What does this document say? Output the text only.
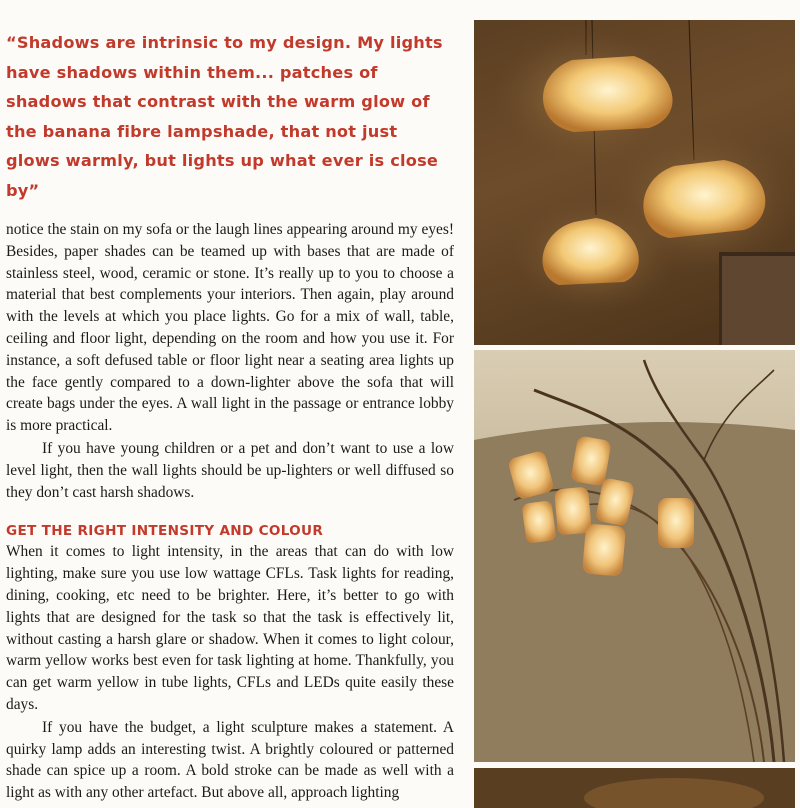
“Shadows are intrinsic to my design. My lights have shadows within them... patches of shadows that contrast with the warm glow of the banana fibre lampshade, that not just glows warmly, but lights up what ever is close by”

notice the stain on my sofa or the laugh lines appearing around my eyes! Besides, paper shades can be teamed up with bases that are made of stainless steel, wood, ceramic or stone. It’s really up to you to choose a material that best complements your interiors. Then again, play around with the levels at which you place lights. Go for a mix of wall, table, ceiling and floor light, depending on the room and how you use it. For instance, a soft defused table or floor light near a seating area lights up the face gently compared to a down-lighter above the sofa that will create bags under the eyes. A wall light in the passage or entrance lobby is more practical.

If you have young children or a pet and don’t want to use a low level light, then the wall lights should be up-lighters or well diffused so they don’t cast harsh shadows.

GET THE RIGHT INTENSITY AND COLOUR

When it comes to light intensity, in the areas that can do with low lighting, make sure you use low wattage CFLs. Task lights for reading, dining, cooking, etc need to be brighter. Here, it’s better to go with lights that are designed for the task so that the task is effectively lit, without casting a harsh glare or shadow. When it comes to light colour, warm yellow works best even for task lighting at home. Thankfully, you can get warm yellow in tube lights, CFLs and LEDs quite easily these days.

If you have the budget, a light sculpture makes a statement. A quirky lamp adds an interesting twist. A brightly coloured or patterned shade can spice up a room. A bold stroke can be made as well with a light as with any other artefact. But above all, approach lighting
